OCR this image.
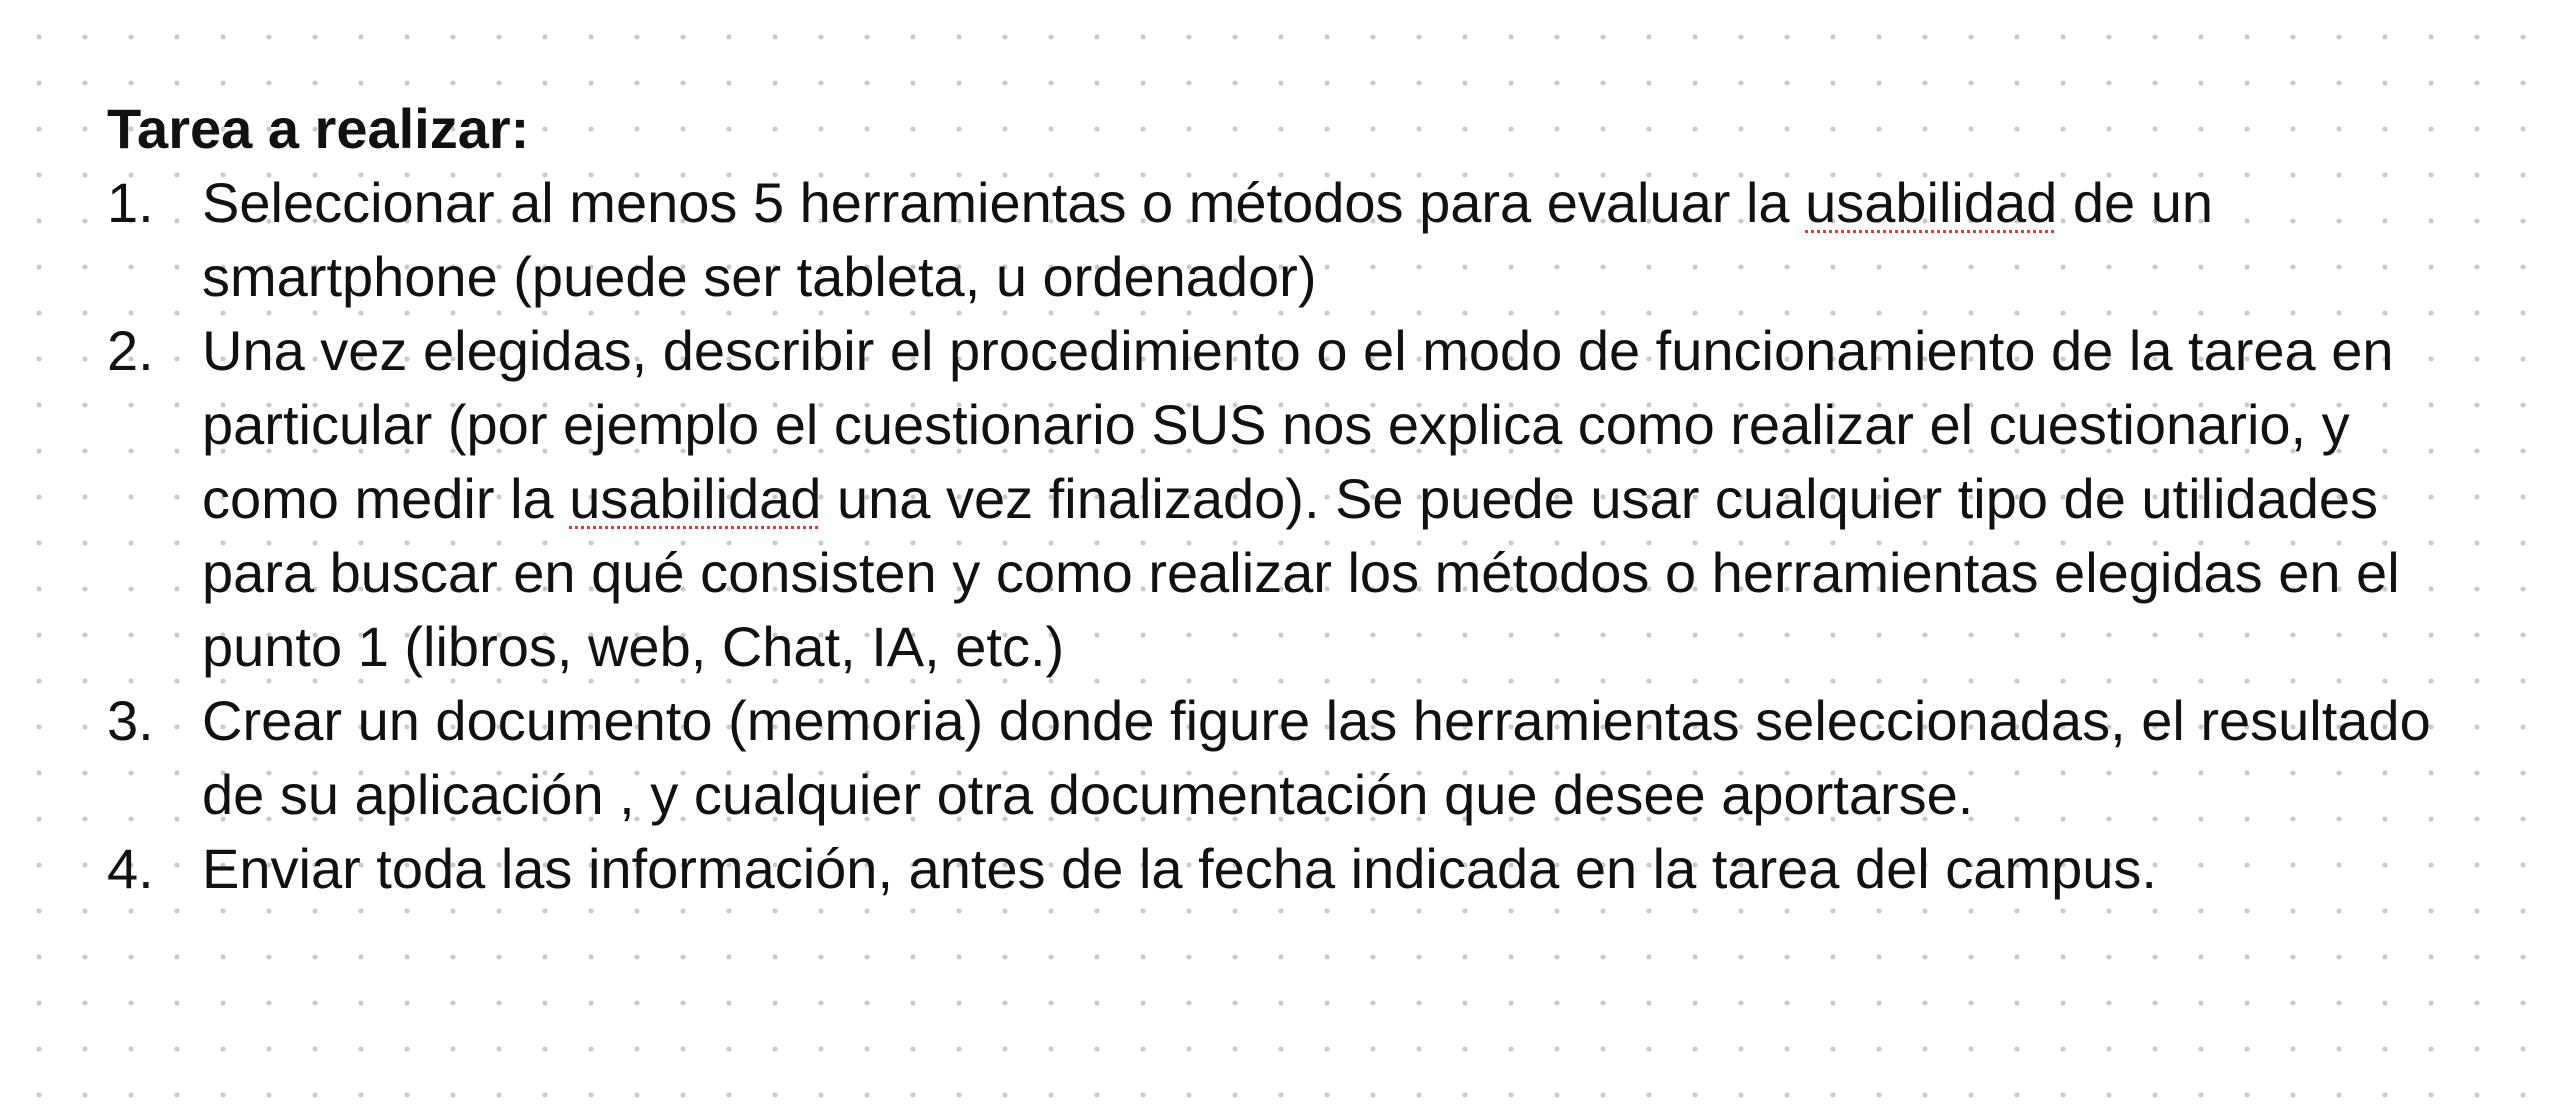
Tarea a realizar:
1. Seleccionar al menos 5 herramientas o métodos para evaluar la usabilidad de un smartphone (puede ser tableta, u ordenador)
2. Una vez elegidas, describir el procedimiento o el modo de funcionamiento de la tarea en particular (por ejemplo el cuestionario SUS nos explica como realizar el cuestionario, y como medir la usabilidad una vez finalizado). Se puede usar cualquier tipo de utilidades para buscar en qué consisten y como realizar los métodos o herramientas elegidas en el punto 1 (libros, web, Chat, IA, etc.)
3. Crear un documento (memoria) donde figure las herramientas seleccionadas, el resultado de su aplicación , y cualquier otra documentación que desee aportarse.
4. Enviar toda las información, antes de la fecha indicada en la tarea del campus.
